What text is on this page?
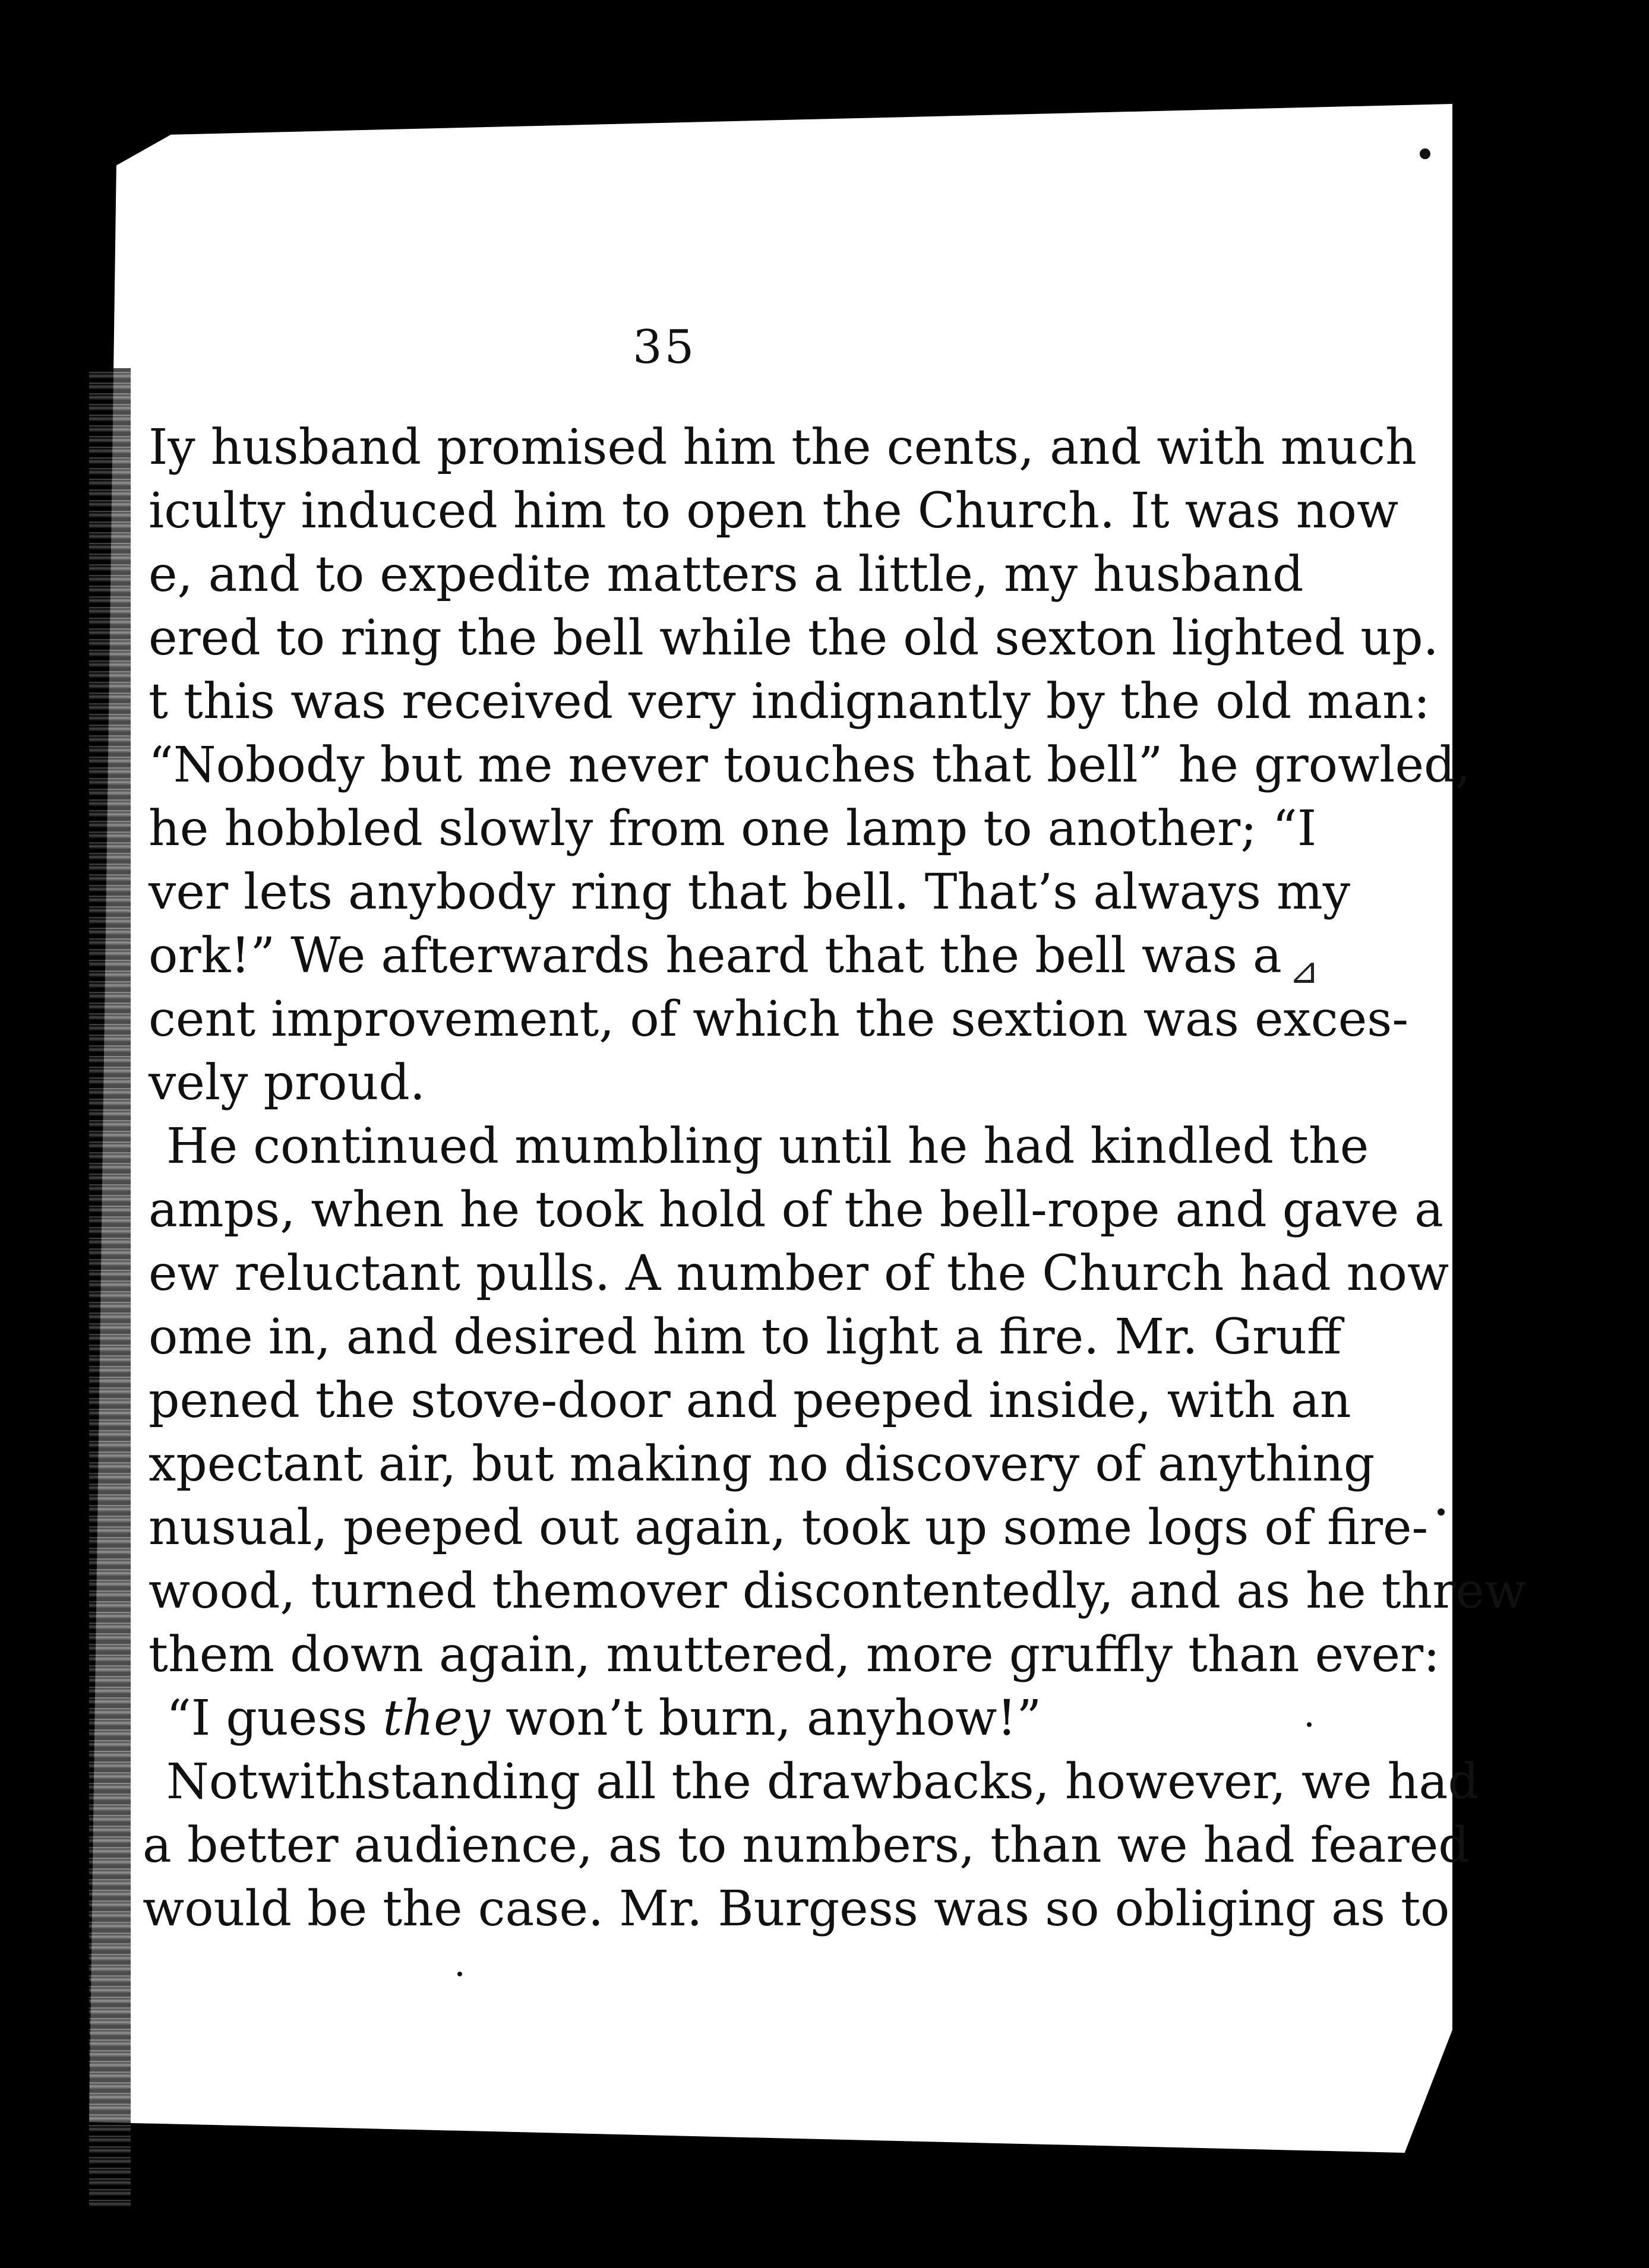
35
Iy husband promised him the cents, and with much
iculty induced him to open the Church. It was now
e, and to expedite matters a little, my husband
ered to ring the bell while the old sexton lighted up.
t this was received very indignantly by the old man:
“Nobody but me never touches that bell” he growled,
he hobbled slowly from one lamp to another; “I
ver lets anybody ring that bell. That’s always my
ork!” We afterwards heard that the bell was a
cent improvement, of which the sextion was exces-
vely proud.
He continued mumbling until he had kindled the
amps, when he took hold of the bell-rope and gave a
ew reluctant pulls. A number of the Church had now
ome in, and desired him to light a fire. Mr. Gruff
pened the stove-door and peeped inside, with an
xpectant air, but making no discovery of anything
nusual, peeped out again, took up some logs of fire-
wood, turned themover discontentedly, and as he threw
them down again, muttered, more gruffly than ever:
“I guess they won’t burn, anyhow!”
Notwithstanding all the drawbacks, however, we had
a better audience, as to numbers, than we had feared
would be the case. Mr. Burgess was so obliging as to
⊿
